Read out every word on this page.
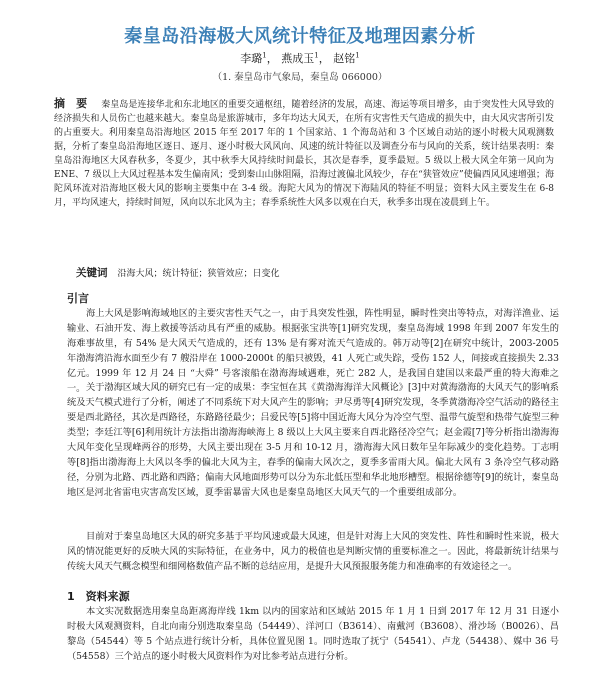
秦皇岛沿海极大风统计特征及地理因素分析
李璐$^1$， 燕成玉$^1$， 赵铭$^1$
（1. 秦皇岛市气象局，秦皇岛 066000）
摘　要 秦皇岛是连接华北和东北地区的重要交通枢纽，随着经济的发展，高速、海运等项目增多，由于突发性大风导致的经济损失和人员伤亡也越来越大。秦皇岛是旅游城市，多年均达大风天，在所有灾害性天气造成的损失中，由大风灾害所引发的占重要大。利用秦皇岛沿海地区 2015 年至 2017 年的 1 个国家站、1 个海岛站和 3 个区域自动站的逐小时极大风观测数据，分析了秦皇岛沿海地区逐日、逐月、逐小时极大风风向、风速的统计特征以及调查分布与风向的关系，统计结果表明：秦皇岛沿海地区大风春秋多，冬夏少，其中秋季大风持续时间最长，其次是春季，夏季最短。5 级以上极大风全年第一风向为 ENE、7 级以上大风过程基本发生偏南风；受到秦山山脉阻隔，沿海过渡偏北风较少，存在“狭管效应”使偏西风风速增强；海陀风环流对沿海地区极大风的影响主要集中在 3-4 级。海陀大风为的情况下海陆风的特征不明显；资料大风主要发生在 6-8 月，平均风速大，持续时间短，风向以东北风为主；春季系统性大风多以观在白天，秋季多出现在凌晨到上午。
关键词 沿海大风；统计特征；狭管效应；日变化
引言
海上大风是影响海域地区的主要灾害性天气之一，由于具突发性强，阵性明显，瞬时性突出等特点，对海洋渔业、运输业、石油开发、海上救援等活动具有严重的威胁。根据张宝洪等[1]研究发现，秦皇岛海域 1998 年到 2007 年发生的海难事故里，有 54% 是大风天气造成的，还有 13% 是有雾对流天气造成的。韩万动等[2]在研究中统计，2003-2005 年渤海湾沿海水面至少有 7 艘沿岸在 1000-2000t 的船只被毁，41 人死亡或失踪，受伤 152 人，间接或直接损失 2.33 亿元。1999 年 12 月 24 日 “大舜” 号客滚船在渤海海域遇难，死亡 282 人，是我国自建国以来最严重的特大海难之一。 关于渤海区域大风的研究已有一定的成果：李宝恒在其《黄渤海海洋大风概论》[3]中对黄海渤海的大风天气的影响系统及天气模式进行了分析，阐述了不同系统下对大风产生的影响；尹尽勇等[4]研究发现，冬季黄渤海冷空气活动的路径主要是西北路径，其次是西路径，东路路径最少；吕爱民等[5]将中国近海大风分为冷空气型、温带气旋型和热带气旋型三种类型；李廷江等[6]利用统计方法指出渤海海峡海上 8 级以上大风主要来自西北路径冷空气；赵金霞[7]等分析指出渤海海大风年变化呈现峰两谷的形势，大风主要出现在 3-5 月和 10-12 月，渤海海大风日数年呈年际减少的变化趋势。丁志明等[8]指出渤海海上大风以冬季的偏北大风为主，春季的偏南大风次之，夏季多雷雨大风。偏北大风有 3 条冷空气移动路径，分别为北路、西北路和西路；偏南大风地面形势可以分为东北低压型和华北地形槽型。根据徐德等[9]的统计，秦皇岛地区是河北省雷电灾害高发区域，夏季雷暴雷大风也是秦皇岛地区大风天气的一个重要组成部分。
目前对于秦皇岛地区大风的研究多基于平均风速或最大风速，但是针对海上大风的突发性、阵性和瞬时性来说，极大风的情况能更好的反映大风的实际特征，在业务中，风力的极值也是判断灾情的重要标准之一。因此，将最新统计结果与传统大风天气概念模型和细网格数值产品不断的总结应用，是提升大风预报服务能力和准确率的有效途径之一。
1　资料来源
本文实况数据选用秦皇岛距离海岸线 1km 以内的国家站和区域站 2015 年 1 月 1 日到 2017 年 12 月 31 日逐小时极大风观测资料，自北向南分别选取秦皇岛（54449）、洋河口（B3614）、南戴河（B3608）、滑沙场（B0026）、昌黎岛（54544）等 5 个站点进行统计分析，具体位置见图 1。同时选取了抚宁（54541）、卢龙（54438）、媒中 36 号（54558）三个站点的逐小时极大风资料作为对比参考站点进行分析。
